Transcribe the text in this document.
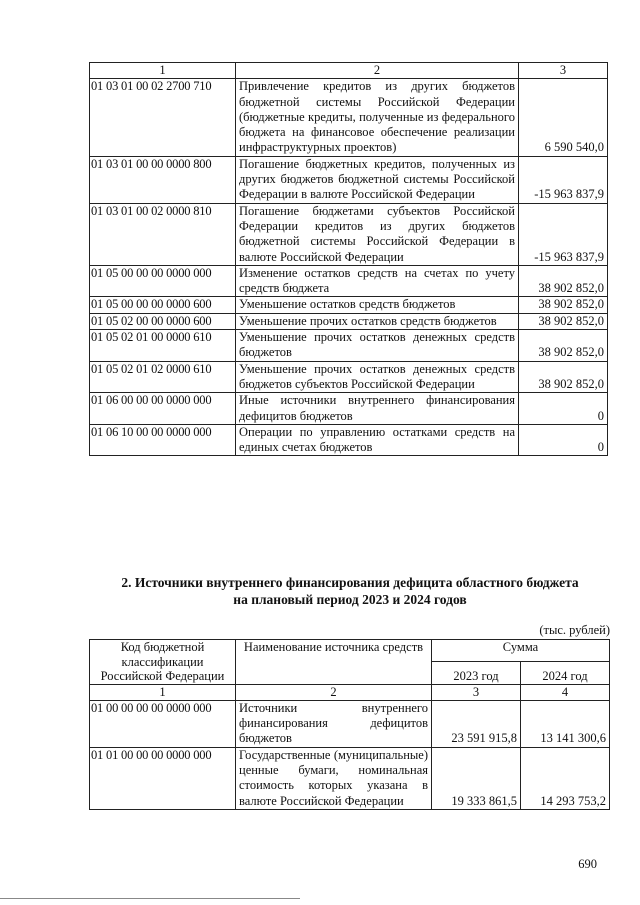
1	2	3
01 03 01 00 02 2700 710	Привлечение кредитов из других бюджетов бюджетной системы Российской Федерации (бюджетные кредиты, полученные из федерального бюджета на финансовое обеспечение реализации инфраструктурных проектов)	6 590 540,0
01 03 01 00 00 0000 800	Погашение бюджетных кредитов, полученных из других бюджетов бюджетной системы Российской Федерации в валюте Российской Федерации	-15 963 837,9
01 03 01 00 02 0000 810	Погашение бюджетами субъектов Российской Федерации кредитов из других бюджетов бюджетной системы Российской Федерации в валюте Российской Федерации	-15 963 837,9
01 05 00 00 00 0000 000	Изменение остатков средств на счетах по учету средств бюджета	38 902 852,0
01 05 00 00 00 0000 600	Уменьшение остатков средств бюджетов	38 902 852,0
01 05 02 00 00 0000 600	Уменьшение прочих остатков средств бюджетов	38 902 852,0
01 05 02 01 00 0000 610	Уменьшение прочих остатков денежных средств бюджетов	38 902 852,0
01 05 02 01 02 0000 610	Уменьшение прочих остатков денежных средств бюджетов субъектов Российской Федерации	38 902 852,0
01 06 00 00 00 0000 000	Иные источники внутреннего финансирования дефицитов бюджетов	0
01 06 10 00 00 0000 000	Операции по управлению остатками средств на единых счетах бюджетов	0
2. Источники внутреннего финансирования дефицита областного бюджета
на плановый период 2023 и 2024 годов
(тыс. рублей)
Код бюджетной классификации Российской Федерации	Наименование источника средств	Сумма	
		2023 год	2024 год
1	2	3	4
01 00 00 00 00 0000 000	Источники внутреннего финансирования дефицитов бюджетов	23 591 915,8	13 141 300,6
01 01 00 00 00 0000 000	Государственные (муниципальные) ценные бумаги, номинальная стоимость которых указана в валюте Российской Федерации	19 333 861,5	14 293 753,2
690
